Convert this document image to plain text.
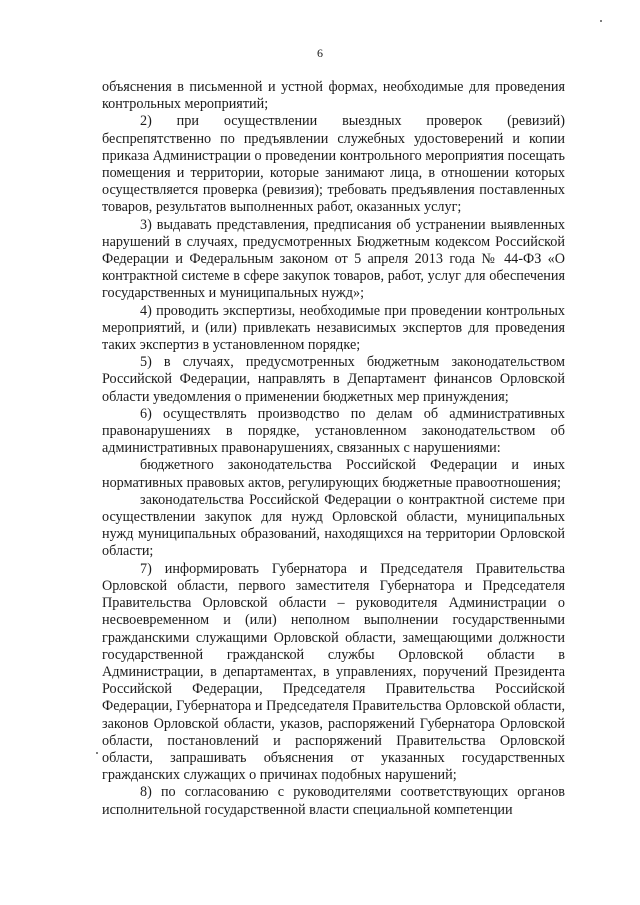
6

объяснения в письменной и устной формах, необходимые для проведения контрольных мероприятий;

2) при осуществлении выездных проверок (ревизий) беспрепятственно по предъявлении служебных удостоверений и копии приказа Администрации о проведении контрольного мероприятия посещать помещения и территории, которые занимают лица, в отношении которых осуществляется проверка (ревизия); требовать предъявления поставленных товаров, результатов выполненных работ, оказанных услуг;

3) выдавать представления, предписания об устранении выявленных нарушений в случаях, предусмотренных Бюджетным кодексом Российской Федерации и Федеральным законом от 5 апреля 2013 года № 44-ФЗ «О контрактной системе в сфере закупок товаров, работ, услуг для обеспечения государственных и муниципальных нужд»;

4) проводить экспертизы, необходимые при проведении контрольных мероприятий, и (или) привлекать независимых экспертов для проведения таких экспертиз в установленном порядке;

5) в случаях, предусмотренных бюджетным законодательством Российской Федерации, направлять в Департамент финансов Орловской области уведомления о применении бюджетных мер принуждения;

6) осуществлять производство по делам об административных правонарушениях в порядке, установленном законодательством об административных правонарушениях, связанных с нарушениями:

бюджетного законодательства Российской Федерации и иных нормативных правовых актов, регулирующих бюджетные правоотношения;

законодательства Российской Федерации о контрактной системе при осуществлении закупок для нужд Орловской области, муниципальных нужд муниципальных образований, находящихся на территории Орловской области;

7) информировать Губернатора и Председателя Правительства Орловской области, первого заместителя Губернатора и Председателя Правительства Орловской области – руководителя Администрации о несвоевременном и (или) неполном выполнении государственными гражданскими служащими Орловской области, замещающими должности государственной гражданской службы Орловской области в Администрации, в департаментах, в управлениях, поручений Президента Российской Федерации, Председателя Правительства Российской Федерации, Губернатора и Председателя Правительства Орловской области, законов Орловской области, указов, распоряжений Губернатора Орловской области, постановлений и распоряжений Правительства Орловской области, запрашивать объяснения от указанных государственных гражданских служащих о причинах подобных нарушений;

8) по согласованию с руководителями соответствующих органов исполнительной государственной власти специальной компетенции
